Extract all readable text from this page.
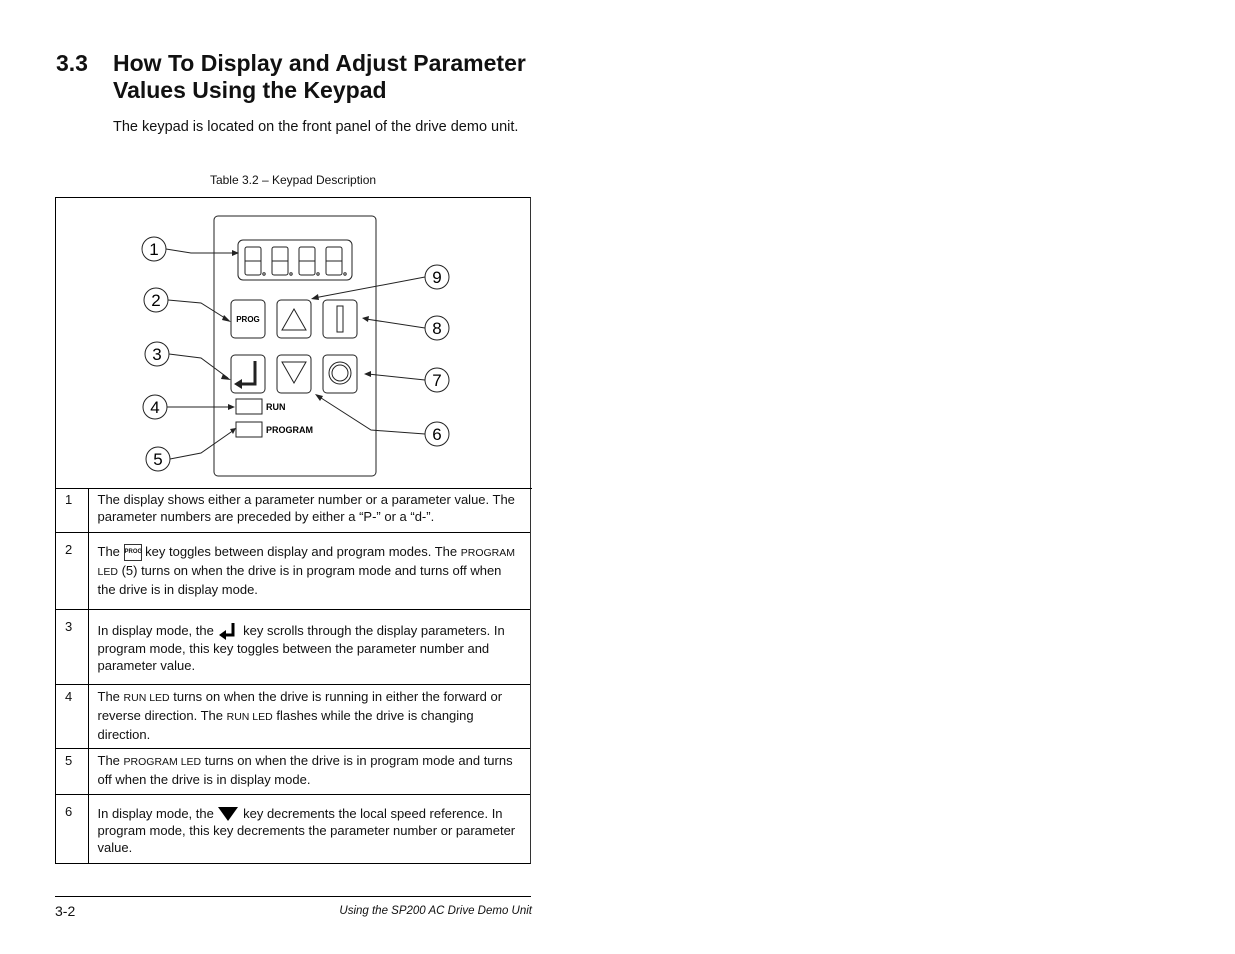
3.3 How To Display and Adjust Parameter Values Using the Keypad
The keypad is located on the front panel of the drive demo unit.
Table 3.2 – Keypad Description
PROG
RUN
PROGRAM
1
2
3
4
5
6
7
8
9
1	The display shows either a parameter number or a parameter value. The parameter numbers are preceded by either a “P-” or a “d-”.
2	The PROG key toggles between display and program modes. The PROGRAM LED (5) turns on when the drive is in program mode and turns off when the drive is in display mode.
3	In display mode, the key scrolls through the display parameters. In program mode, this key toggles between the parameter number and parameter value.
4	The RUN LED turns on when the drive is running in either the forward or reverse direction. The RUN LED flashes while the drive is changing direction.
5	The PROGRAM LED turns on when the drive is in program mode and turns off when the drive is in display mode.
6	In display mode, the key decrements the local speed reference. In program mode, this key decrements the parameter number or parameter value.
3-2	Using the SP200 AC Drive Demo Unit
